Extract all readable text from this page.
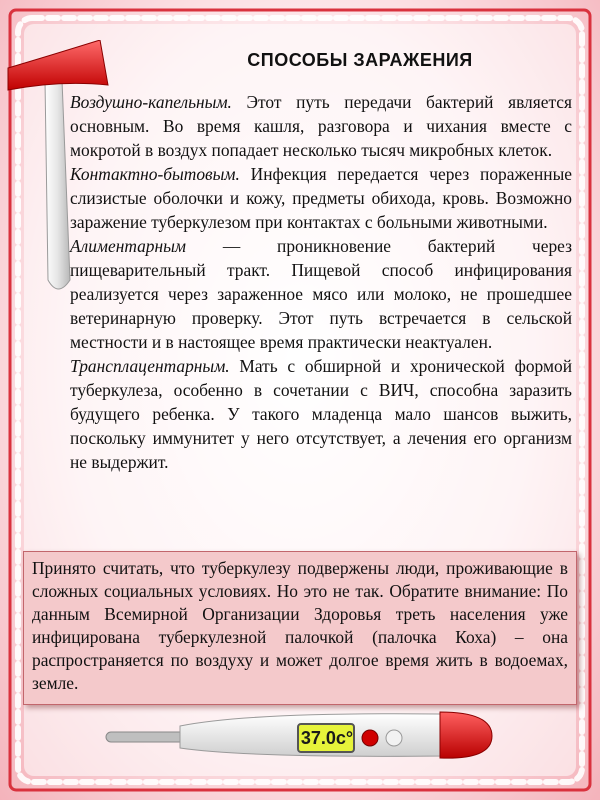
СПОСОБЫ ЗАРАЖЕНИЯ

Воздушно-капельным. Этот путь передачи бактерий является основным. Во время кашля, разговора и чихания вместе с мокротой в воздух попадает несколько тысяч микробных клеток.

Контактно-бытовым. Инфекция передается через пораженные слизистые оболочки и кожу, предметы обихода, кровь. Возможно заражение туберкулезом при контактах с больными животными.

Алиментарным — проникновение бактерий через пищеварительный тракт. Пищевой способ инфицирования реализуется через зараженное мясо или молоко, не прошедшее ветеринарную проверку. Этот путь встречается в сельской местности и в настоящее время практически неактуален.

Трансплацентарным. Мать с обширной и хронической формой туберкулеза, особенно в сочетании с ВИЧ, способна заразить будущего ребенка. У такого младенца мало шансов выжить, поскольку иммунитет у него отсутствует, а лечения его организм не выдержит.

Принято считать, что туберкулезу подвержены люди, проживающие в сложных социальных условиях. Но это не так. Обратите внимание: По данным Всемирной Организации Здоровья треть населения уже инфицирована туберкулезной палочкой (палочка Коха) – она распространяется по воздуху и может долгое время жить в водоемах, земле.
37.0с°
